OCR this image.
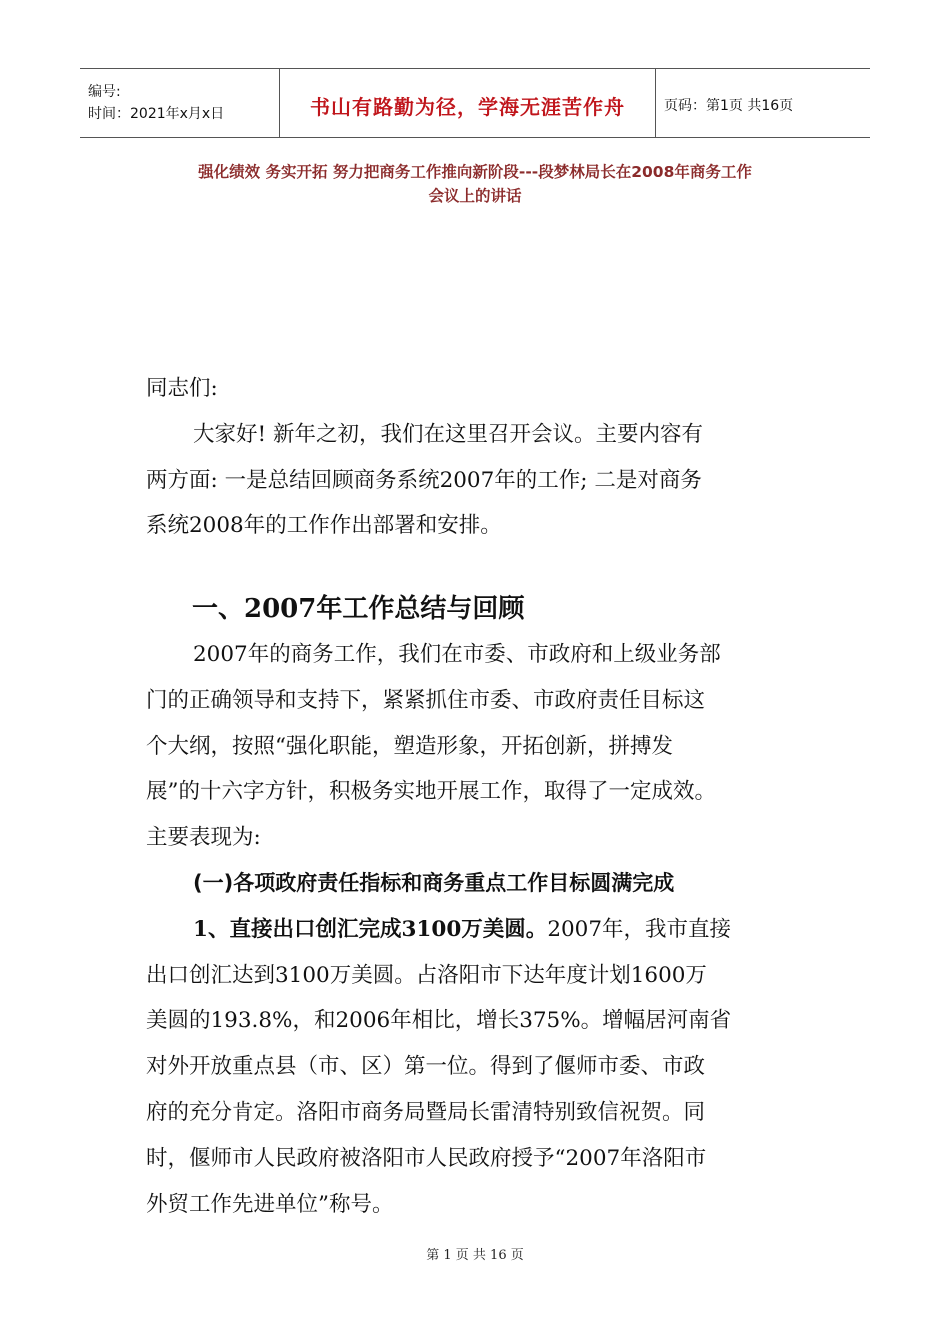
编号:
时间：2021年x月x日	书山有路勤为径，学海无涯苦作舟	页码：第1页 共16页
强化绩效 务实开拓 努力把商务工作推向新阶段---段梦林局长在2008年商务工作
会议上的讲话
同志们:
大家好! 新年之初，我们在这里召开会议。主要内容有
两方面: 一是总结回顾商务系统2007年的工作; 二是对商务
系统2008年的工作作出部署和安排。
一、2007年工作总结与回顾
2007年的商务工作，我们在市委、市政府和上级业务部
门的正确领导和支持下，紧紧抓住市委、市政府责任目标这
个大纲，按照“强化职能，塑造形象，开拓创新，拼搏发
展”的十六字方针，积极务实地开展工作，取得了一定成效。
主要表现为:
(一)各项政府责任指标和商务重点工作目标圆满完成
1、直接出口创汇完成3100万美圆。2007年，我市直接
出口创汇达到3100万美圆。占洛阳市下达年度计划1600万
美圆的193.8%，和2006年相比，增长375%。增幅居河南省
对外开放重点县（市、区）第一位。得到了偃师市委、市政
府的充分肯定。洛阳市商务局暨局长雷清特别致信祝贺。同
时，偃师市人民政府被洛阳市人民政府授予“2007年洛阳市
外贸工作先进单位”称号。
第 1 页 共 16 页
